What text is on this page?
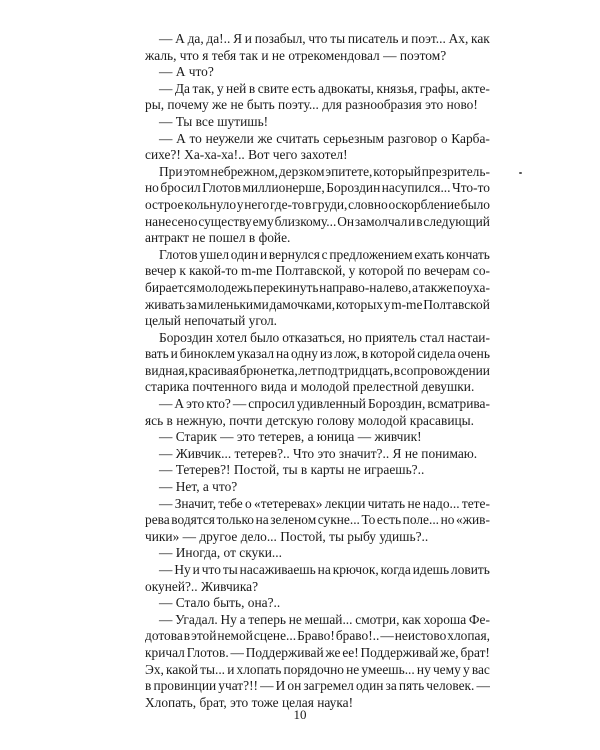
— А да, да!.. Я и позабыл, что ты писатель и поэт... Ах, как
жаль, что я тебя так и не отрекомендовал — поэтом?
— А что?
— Да так, у ней в свите есть адвокаты, князья, графы, акте-
ры, почему же не быть поэту... для разнообразия это ново!
— Ты все шутишь!
— А то неужели же считать серьезным разговор о Карба-
сихе?! Ха-ха-ха!.. Вот чего захотел!
При этом небрежном, дерзком эпитете, который презритель-
но бросил Глотов миллионерше, Бороздин насупился... Что-то
острое кольнуло у него где-то в груди, словно оскорбление было
нанесено существу ему близкому... Он замолчал и в следующий
антракт не пошел в фойе.
Глотов ушел один и вернулся с предложением ехать кончать
вечер к какой-то m-me Полтавской, у которой по вечерам со-
бирается молодежь перекинуть направо-налево, а также поуха-
живать за миленькими дамочками, которых у m-me Полтавской
целый непочатый угол.
Бороздин хотел было отказаться, но приятель стал настаи-
вать и биноклем указал на одну из лож, в которой сидела очень
видная, красивая брюнетка, лет под тридцать, в сопровождении
старика почтенного вида и молодой прелестной девушки.
— А это кто? — спросил удивленный Бороздин, всматрива-
ясь в нежную, почти детскую голову молодой красавицы.
— Старик — это тетерев, а юница — живчик!
— Живчик... тетерев?.. Что это значит?.. Я не понимаю.
— Тетерев?! Постой, ты в карты не играешь?..
— Нет, а что?
— Значит, тебе о «тетеревах» лекции читать не надо... тете-
рева водятся только на зеленом сукне... То есть поле... но «жив-
чики» — другое дело... Постой, ты рыбу удишь?..
— Иногда, от скуки...
— Ну и что ты насаживаешь на крючок, когда идешь ловить
окуней?.. Живчика?
— Стало быть, она?..
— Угадал. Ну а теперь не мешай... смотри, как хороша Фе-
дотова в этой немой сцене... Браво! браво!.. — неистово хлопая,
кричал Глотов. — Поддерживай же ее! Поддерживай же, брат!
Эх, какой ты... и хлопать порядочно не умеешь... ну чему у вас
в провинции учат?!! — И он загремел один за пять человек. —
Хлопать, брат, это тоже целая наука!
10
